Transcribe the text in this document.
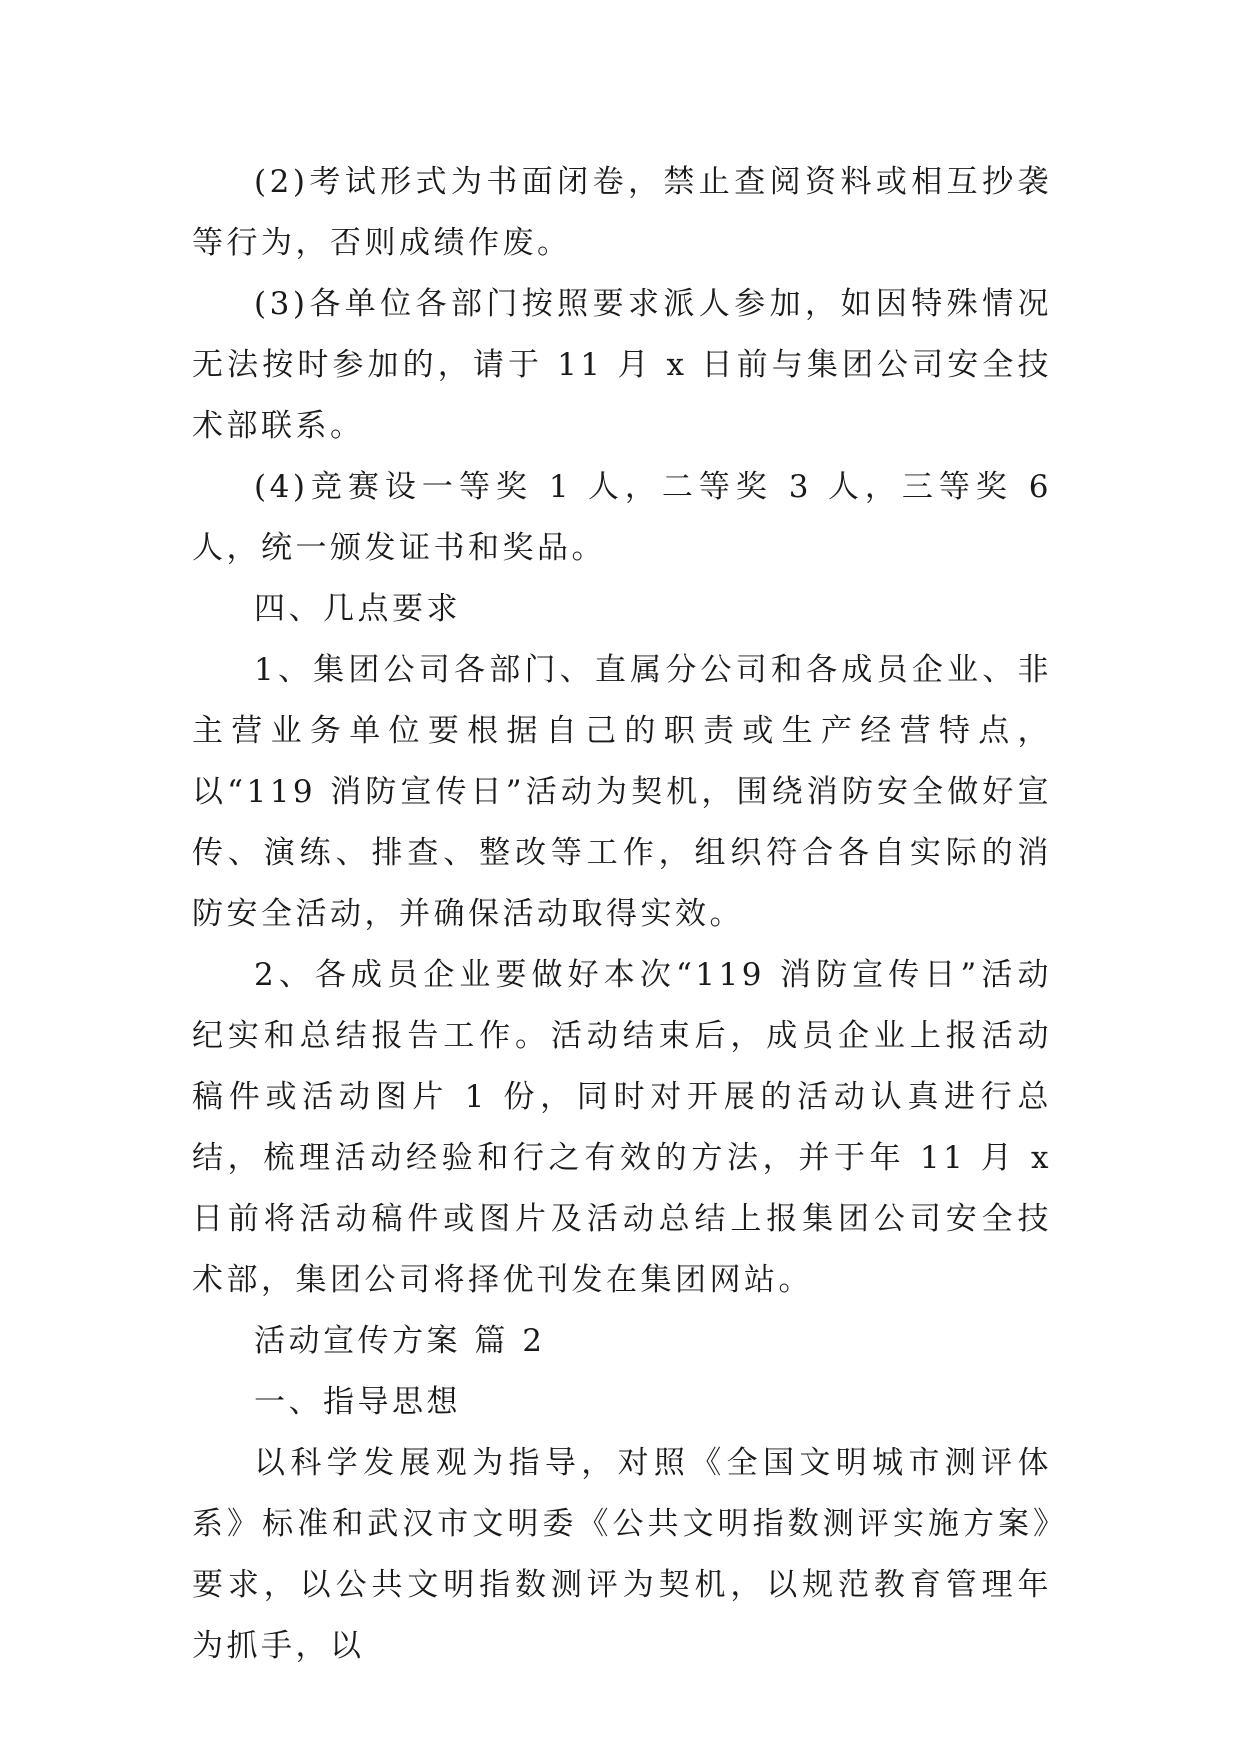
(2)考试形式为书面闭卷，禁止查阅资料或相互抄袭等行为，否则成绩作废。

(3)各单位各部门按照要求派人参加，如因特殊情况无法按时参加的，请于 11 月 x 日前与集团公司安全技术部联系。

(4)竞赛设一等奖 1 人，二等奖 3 人，三等奖 6 人，统一颁发证书和奖品。

四、几点要求

1、集团公司各部门、直属分公司和各成员企业、非主营业务单位要根据自己的职责或生产经营特点，以“119 消防宣传日”活动为契机，围绕消防安全做好宣传、演练、排查、整改等工作，组织符合各自实际的消防安全活动，并确保活动取得实效。

2、各成员企业要做好本次“119 消防宣传日”活动纪实和总结报告工作。活动结束后，成员企业上报活动稿件或活动图片 1 份，同时对开展的活动认真进行总结，梳理活动经验和行之有效的方法，并于年 11 月 x 日前将活动稿件或图片及活动总结上报集团公司安全技术部，集团公司将择优刊发在集团网站。

活动宣传方案 篇 2

一、指导思想

以科学发展观为指导，对照《全国文明城市测评体系》标准和武汉市文明委《公共文明指数测评实施方案》要求，以公共文明指数测评为契机，以规范教育管理年为抓手，以
